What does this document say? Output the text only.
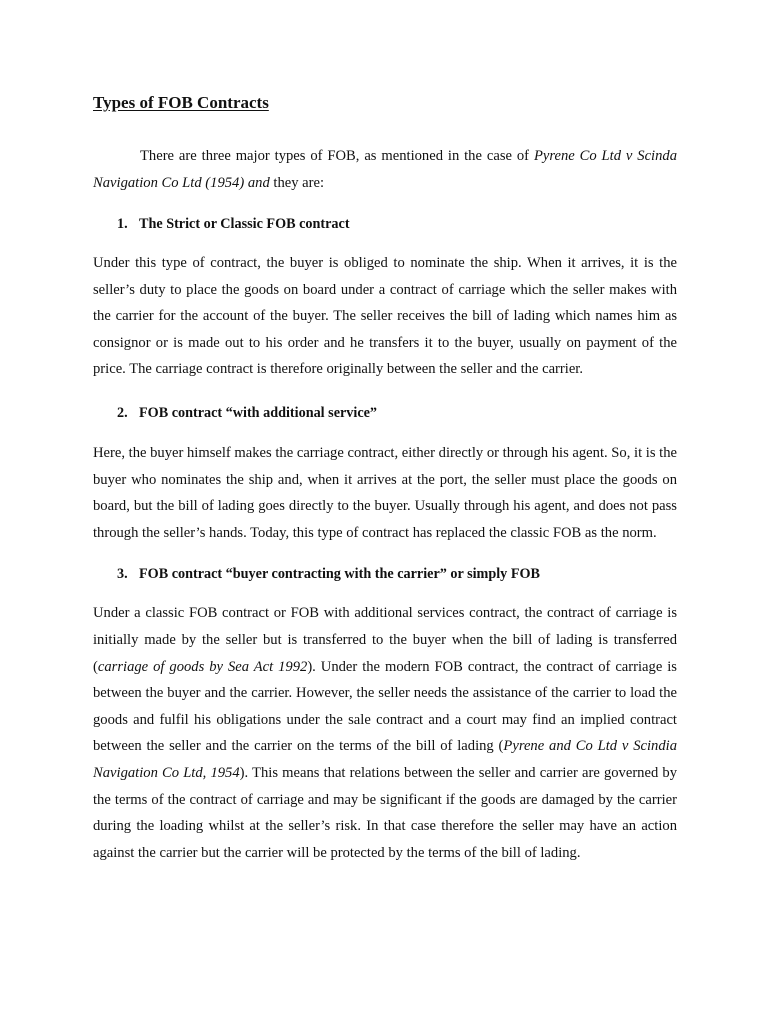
Types of FOB Contracts

There are three major types of FOB, as mentioned in the case of Pyrene Co Ltd v Scinda Navigation Co Ltd (1954) and they are:

1. The Strict or Classic FOB contract

Under this type of contract, the buyer is obliged to nominate the ship. When it arrives, it is the seller’s duty to place the goods on board under a contract of carriage which the seller makes with the carrier for the account of the buyer. The seller receives the bill of lading which names him as consignor or is made out to his order and he transfers it to the buyer, usually on payment of the price. The carriage contract is therefore originally between the seller and the carrier.

2. FOB contract “with additional service”

Here, the buyer himself makes the carriage contract, either directly or through his agent. So, it is the buyer who nominates the ship and, when it arrives at the port, the seller must place the goods on board, but the bill of lading goes directly to the buyer. Usually through his agent, and does not pass through the seller’s hands. Today, this type of contract has replaced the classic FOB as the norm.

3. FOB contract “buyer contracting with the carrier” or simply FOB

Under a classic FOB contract or FOB with additional services contract, the contract of carriage is initially made by the seller but is transferred to the buyer when the bill of lading is transferred (carriage of goods by Sea Act 1992). Under the modern FOB contract, the contract of carriage is between the buyer and the carrier. However, the seller needs the assistance of the carrier to load the goods and fulfil his obligations under the sale contract and a court may find an implied contract between the seller and the carrier on the terms of the bill of lading (Pyrene and Co Ltd v Scindia Navigation Co Ltd, 1954). This means that relations between the seller and carrier are governed by the terms of the contract of carriage and may be significant if the goods are damaged by the carrier during the loading whilst at the seller’s risk. In that case therefore the seller may have an action against the carrier but the carrier will be protected by the terms of the bill of lading.
